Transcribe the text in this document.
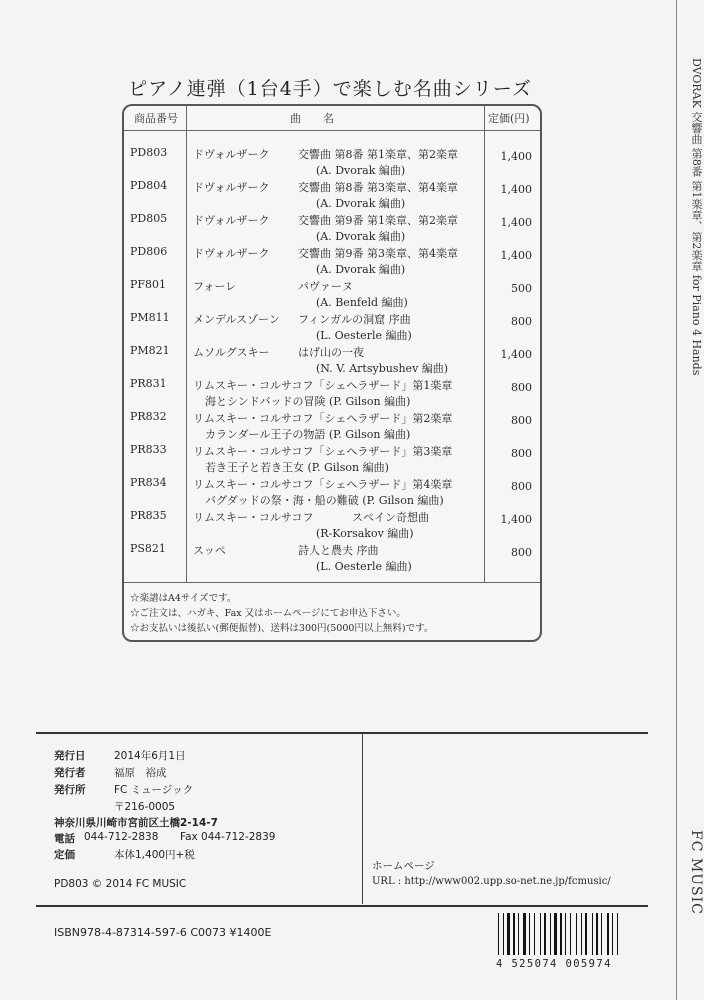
DVORAK 交響曲 第8番 第1楽章、第2楽章 for Piano 4 Hands
FC MUSIC
ピアノ連弾（1台4手）で楽しむ名曲シリーズ
商品番号	曲　　名	定価(円)
PD803 ドヴォルザーク	交響曲 第8番 第1楽章、第2楽章
(A. Dvorak 編曲)
1,400
PD804 ドヴォルザーク	交響曲 第8番 第3楽章、第4楽章
(A. Dvorak 編曲)
1,400
PD805 ドヴォルザーク	交響曲 第9番 第1楽章、第2楽章
(A. Dvorak 編曲)
1,400
PD806 ドヴォルザーク	交響曲 第9番 第3楽章、第4楽章
(A. Dvorak 編曲)
1,400
PF801 フォーレ	パヴァーヌ
(A. Benfeld 編曲)
500
PM811 メンデルスゾーン フィンガルの洞窟 序曲
(L. Oesterle 編曲)
800
PM821 ムソルグスキー	はげ山の一夜
(N. V. Artsybushev 編曲)
1,400
PR831 リムスキー・コルサコフ「シェヘラザード」第1楽章
海とシンドバッドの冒険 (P. Gilson 編曲)
800
PR832 リムスキー・コルサコフ「シェヘラザード」第2楽章
カランダール王子の物語 (P. Gilson 編曲)
800
PR833 リムスキー・コルサコフ「シェヘラザード」第3楽章
若き王子と若き王女 (P. Gilson 編曲)
800
PR834 リムスキー・コルサコフ「シェヘラザード」第4楽章
バグダッドの祭・海・船の難破 (P. Gilson 編曲)
800
PR835 リムスキー・コルサコフ	スペイン奇想曲
(R-Korsakov 編曲)
1,400
PS821 スッペ	詩人と農夫 序曲
(L. Oesterle 編曲)
800
☆楽譜はA4サイズです。
☆ご注文は、ハガキ、Fax 又はホームページにてお申込下さい。
☆お支払いは後払い(郵便振替)、送料は300円(5000円以上無料)です。
発行日	2014年6月1日
発行者	福原　裕成
発行所	FC ミュージック
〒216-0005
神奈川県川崎市宮前区土橋2-14-7
電話 044-712-2838 Fax 044-712-2839
定価	本体1,400円+税
PD803 © 2014 FC MUSIC
ホームページ
URL : http://www002.upp.so-net.ne.jp/fcmusic/
ISBN978-4-87314-597-6 C0073 ¥1400E
4 525074 005974
